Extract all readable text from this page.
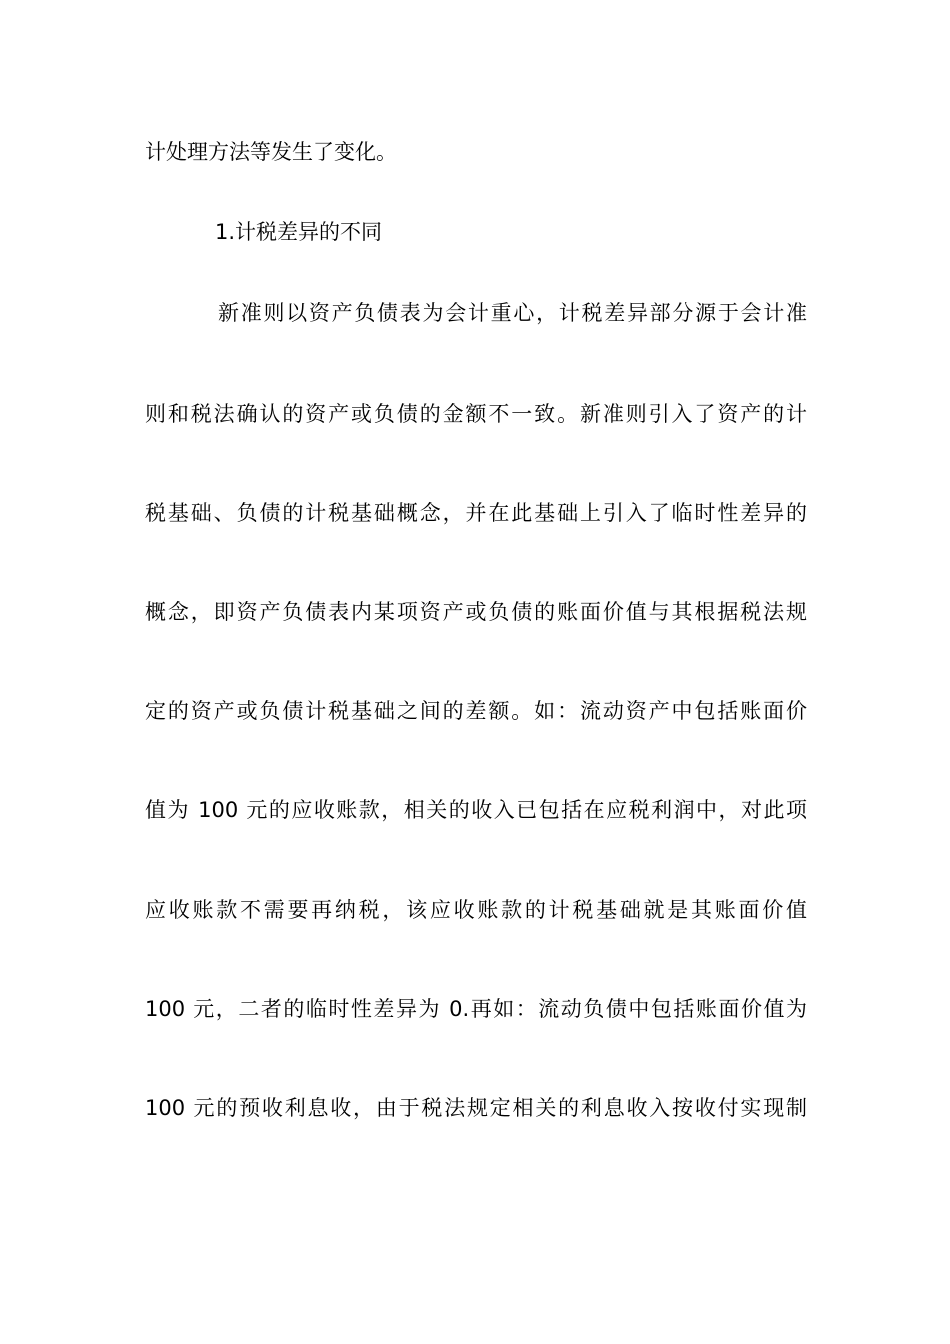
计处理方法等发生了变化。
1.计税差异的不同
新准则以资产负债表为会计重心，计税差异部分源于会计准
则和税法确认的资产或负债的金额不一致。新准则引入了资产的计
税基础、负债的计税基础概念，并在此基础上引入了临时性差异的
概念，即资产负债表内某项资产或负债的账面价值与其根据税法规
定的资产或负债计税基础之间的差额。如：流动资产中包括账面价
值为 100 元的应收账款，相关的收入已包括在应税利润中，对此项
应收账款不需要再纳税，该应收账款的计税基础就是其账面价值
100 元，二者的临时性差异为 0.再如：流动负债中包括账面价值为
100 元的预收利息收，由于税法规定相关的利息收入按收付实现制
